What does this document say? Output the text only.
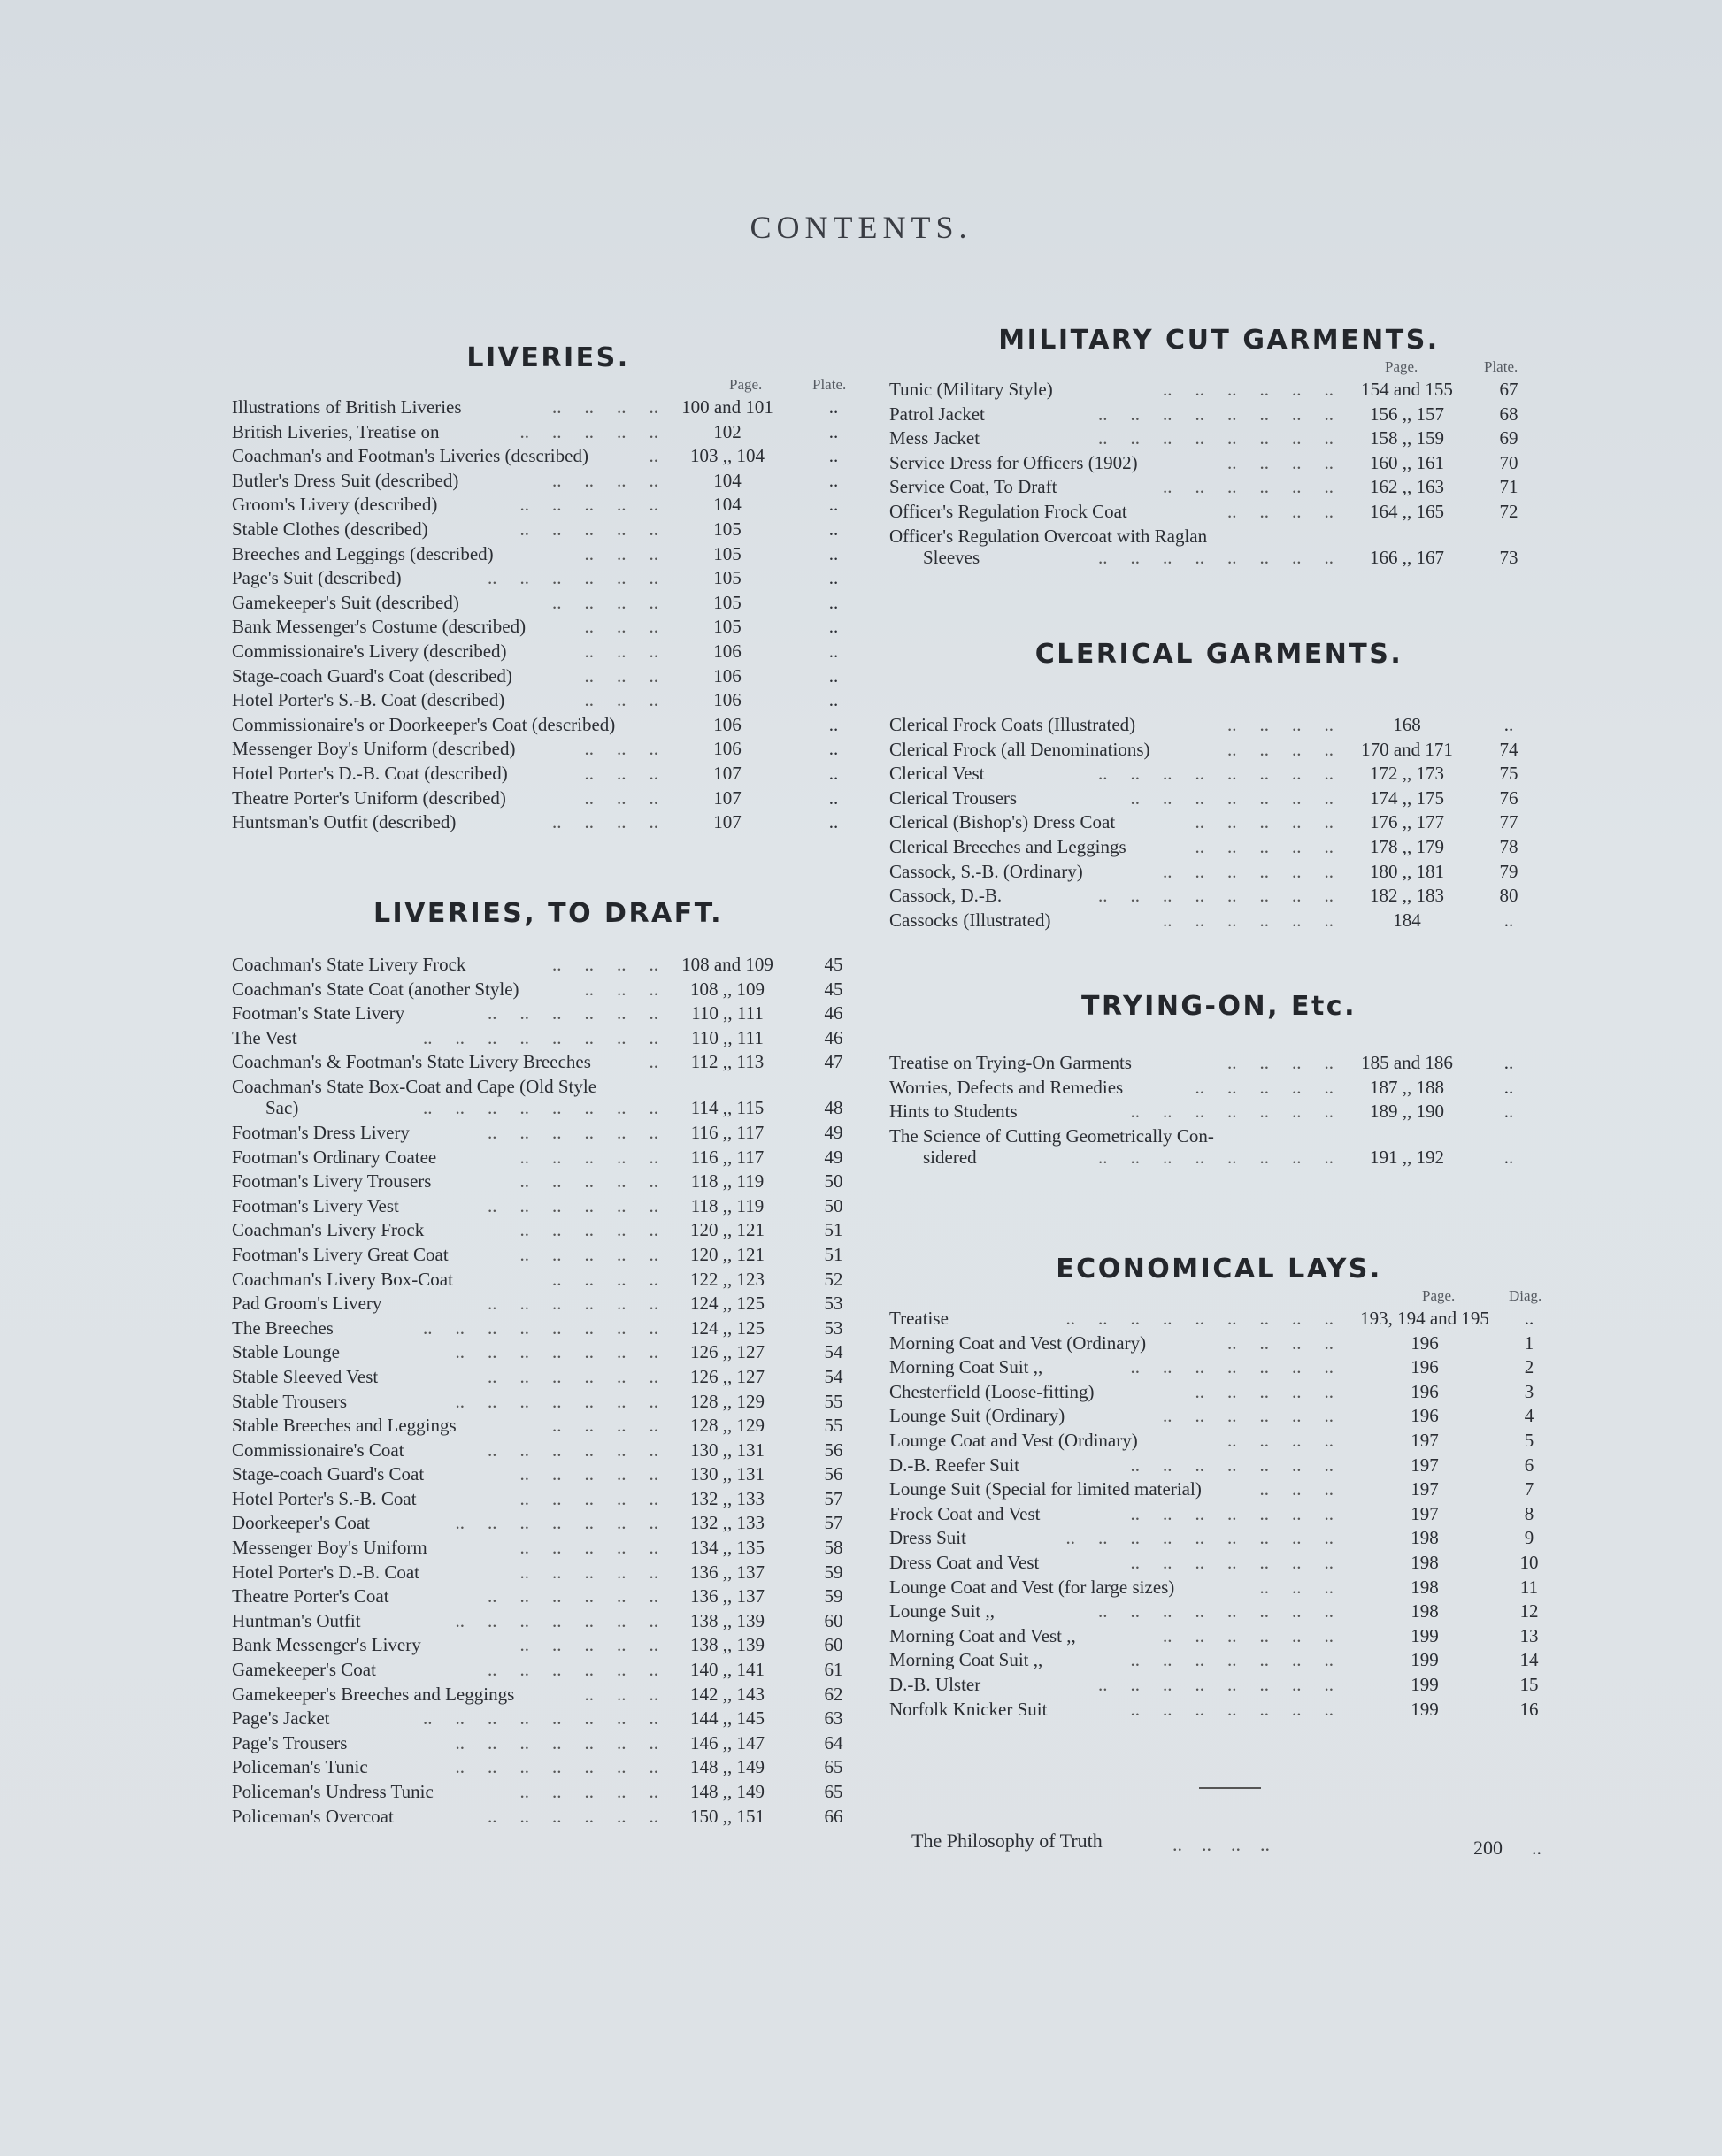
CONTENTS.
LIVERIES.
Page.	Plate.
Illustrations of British Liveries	100 and 101	..
.. .. .. ..
British Liveries, Treatise on	102	..
.. .. .. .. ..
Coachman's and Footman's Liveries (described)	103 ,, 104	..
..
Butler's Dress Suit (described)	104	..
.. .. .. ..
Groom's Livery (described)	104	..
.. .. .. .. ..
Stable Clothes (described)	105	..
.. .. .. .. ..
Breeches and Leggings (described)	105	..
.. .. ..
Page's Suit (described)	105	..
.. .. .. .. .. ..
Gamekeeper's Suit (described)	105	..
.. .. .. ..
Bank Messenger's Costume (described)	105	..
.. .. ..
Commissionaire's Livery (described)	106	..
.. .. ..
Stage-coach Guard's Coat (described)	106	..
.. .. ..
Hotel Porter's S.-B. Coat (described)	106	..
.. .. ..
Commissionaire's or Doorkeeper's Coat (described)	106	..
Messenger Boy's Uniform (described)	106	..
.. .. ..
Hotel Porter's D.-B. Coat (described)	107	..
.. .. ..
Theatre Porter's Uniform (described)	107	..
.. .. ..
Huntsman's Outfit (described)	107	..
.. .. .. ..
LIVERIES, TO DRAFT.
Coachman's State Livery Frock	108 and 109	45
.. .. .. ..
Coachman's State Coat (another Style)	108 ,, 109	45
.. .. ..
Footman's State Livery	110 ,, 111	46
.. .. .. .. .. ..
The Vest	110 ,, 111	46
.. .. .. .. .. .. .. ..
Coachman's & Footman's State Livery Breeches	112 ,, 113	47
..
Coachman's State Box-Coat and Cape (Old Style
Sac)	114 ,, 115	48
.. .. .. .. .. .. .. ..
Footman's Dress Livery	116 ,, 117	49
.. .. .. .. .. ..
Footman's Ordinary Coatee	116 ,, 117	49
.. .. .. .. ..
Footman's Livery Trousers	118 ,, 119	50
.. .. .. .. ..
Footman's Livery Vest	118 ,, 119	50
.. .. .. .. .. ..
Coachman's Livery Frock	120 ,, 121	51
.. .. .. .. ..
Footman's Livery Great Coat	120 ,, 121	51
.. .. .. .. ..
Coachman's Livery Box-Coat	122 ,, 123	52
.. .. .. ..
Pad Groom's Livery	124 ,, 125	53
.. .. .. .. .. ..
The Breeches	124 ,, 125	53
.. .. .. .. .. .. .. ..
Stable Lounge	126 ,, 127	54
.. .. .. .. .. .. ..
Stable Sleeved Vest	126 ,, 127	54
.. .. .. .. .. ..
Stable Trousers	128 ,, 129	55
.. .. .. .. .. .. ..
Stable Breeches and Leggings	128 ,, 129	55
.. .. .. ..
Commissionaire's Coat	130 ,, 131	56
.. .. .. .. .. ..
Stage-coach Guard's Coat	130 ,, 131	56
.. .. .. .. ..
Hotel Porter's S.-B. Coat	132 ,, 133	57
.. .. .. .. ..
Doorkeeper's Coat	132 ,, 133	57
.. .. .. .. .. .. ..
Messenger Boy's Uniform	134 ,, 135	58
.. .. .. .. ..
Hotel Porter's D.-B. Coat	136 ,, 137	59
.. .. .. .. ..
Theatre Porter's Coat	136 ,, 137	59
.. .. .. .. .. ..
Huntman's Outfit	138 ,, 139	60
.. .. .. .. .. .. ..
Bank Messenger's Livery	138 ,, 139	60
.. .. .. .. ..
Gamekeeper's Coat	140 ,, 141	61
.. .. .. .. .. ..
Gamekeeper's Breeches and Leggings	142 ,, 143	62
.. .. ..
Page's Jacket	144 ,, 145	63
.. .. .. .. .. .. .. ..
Page's Trousers	146 ,, 147	64
.. .. .. .. .. .. ..
Policeman's Tunic	148 ,, 149	65
.. .. .. .. .. .. ..
Policeman's Undress Tunic	148 ,, 149	65
.. .. .. .. ..
Policeman's Overcoat	150 ,, 151	66
.. .. .. .. .. ..
MILITARY CUT GARMENTS.
Page.	Plate.
Tunic (Military Style)	154 and 155	67
.. .. .. .. .. ..
Patrol Jacket	156 ,, 157	68
.. .. .. .. .. .. .. ..
Mess Jacket	158 ,, 159	69
.. .. .. .. .. .. .. ..
Service Dress for Officers (1902)	160 ,, 161	70
.. .. .. ..
Service Coat, To Draft	162 ,, 163	71
.. .. .. .. .. ..
Officer's Regulation Frock Coat	164 ,, 165	72
.. .. .. ..
Officer's Regulation Overcoat with Raglan
Sleeves	166 ,, 167	73
.. .. .. .. .. .. .. ..
CLERICAL GARMENTS.
Clerical Frock Coats (Illustrated)	168	..
.. .. .. ..
Clerical Frock (all Denominations)	170 and 171	74
.. .. .. ..
Clerical Vest	172 ,, 173	75
.. .. .. .. .. .. .. ..
Clerical Trousers	174 ,, 175	76
.. .. .. .. .. .. ..
Clerical (Bishop's) Dress Coat	176 ,, 177	77
.. .. .. .. ..
Clerical Breeches and Leggings	178 ,, 179	78
.. .. .. .. ..
Cassock, S.-B. (Ordinary)	180 ,, 181	79
.. .. .. .. .. ..
Cassock, D.-B.	182 ,, 183	80
.. .. .. .. .. .. .. ..
Cassocks (Illustrated)	184	..
.. .. .. .. .. ..
TRYING-ON, Etc.
Treatise on Trying-On Garments	185 and 186	..
.. .. .. ..
Worries, Defects and Remedies	187 ,, 188	..
.. .. .. .. ..
Hints to Students	189 ,, 190	..
.. .. .. .. .. .. ..
The Science of Cutting Geometrically Con-
sidered	191 ,, 192	..
.. .. .. .. .. .. .. ..
ECONOMICAL LAYS.
Page.	Diag.
Treatise	193, 194 and 195	..
.. .. .. .. .. .. .. .. ..
Morning Coat and Vest (Ordinary)	196	1
.. .. .. ..
Morning Coat Suit ,,	196	2
.. .. .. .. .. .. ..
Chesterfield (Loose-fitting)	196	3
.. .. .. .. ..
Lounge Suit (Ordinary)	196	4
.. .. .. .. .. ..
Lounge Coat and Vest (Ordinary)	197	5
.. .. .. ..
D.-B. Reefer Suit	197	6
.. .. .. .. .. .. ..
Lounge Suit (Special for limited material)	197	7
.. .. ..
Frock Coat and Vest	197	8
.. .. .. .. .. .. ..
Dress Suit	198	9
.. .. .. .. .. .. .. .. ..
Dress Coat and Vest	198	10
.. .. .. .. .. .. ..
Lounge Coat and Vest (for large sizes)	198	11
.. .. ..
Lounge Suit ,,	198	12
.. .. .. .. .. .. .. ..
Morning Coat and Vest ,,	199	13
.. .. .. .. .. ..
Morning Coat Suit ,,	199	14
.. .. .. .. .. .. ..
D.-B. Ulster	199	15
.. .. .. .. .. .. .. ..
Norfolk Knicker Suit	199	16
.. .. .. .. .. .. ..
The Philosophy of Truth	..    ..    ..    ..	200 ..
